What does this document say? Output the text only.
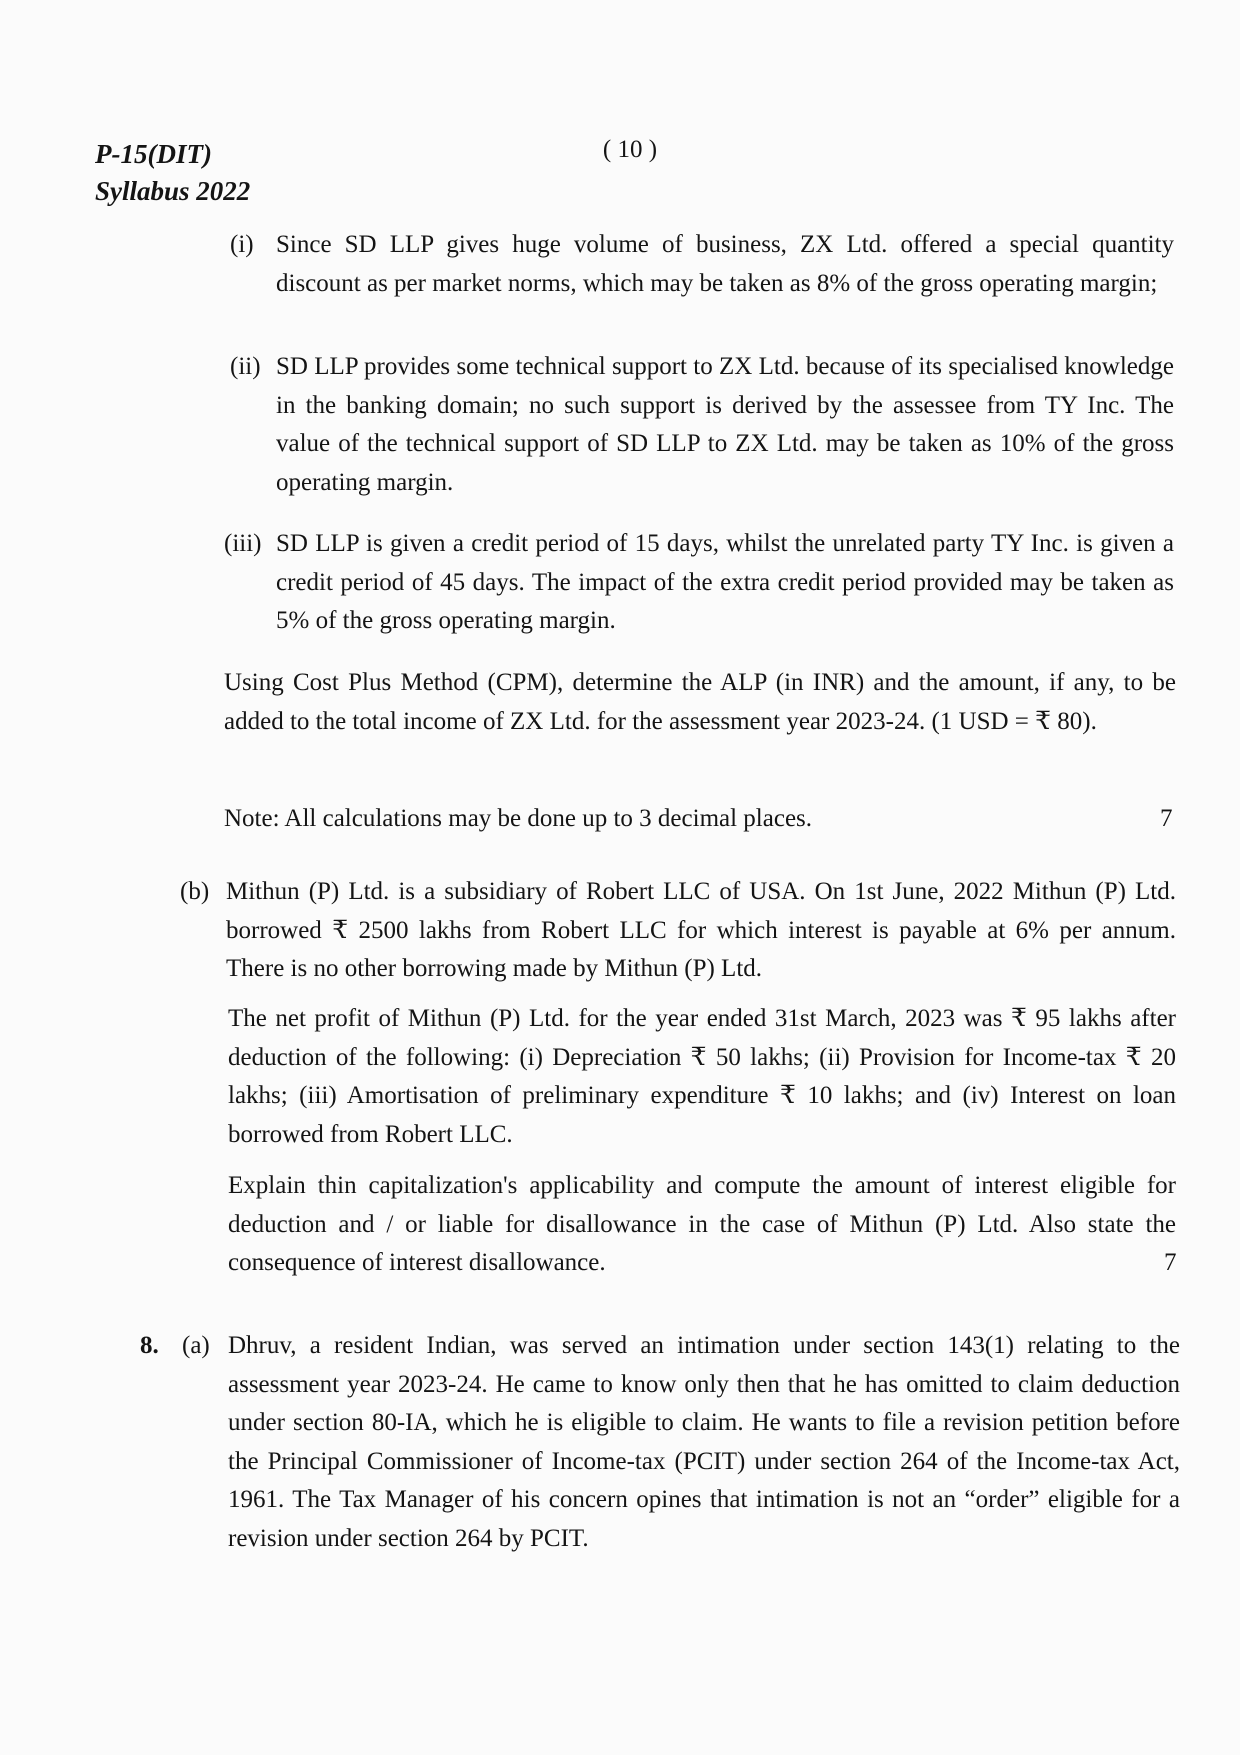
P-15(DIT)
Syllabus 2022
( 10 )
(i) Since SD LLP gives huge volume of business, ZX Ltd. offered a special quantity discount as per market norms, which may be taken as 8% of the gross operating margin;
(ii) SD LLP provides some technical support to ZX Ltd. because of its specialised knowledge in the banking domain; no such support is derived by the assessee from TY Inc. The value of the technical support of SD LLP to ZX Ltd. may be taken as 10% of the gross operating margin.
(iii) SD LLP is given a credit period of 15 days, whilst the unrelated party TY Inc. is given a credit period of 45 days. The impact of the extra credit period provided may be taken as 5% of the gross operating margin.
Using Cost Plus Method (CPM), determine the ALP (in INR) and the amount, if any, to be added to the total income of ZX Ltd. for the assessment year 2023-24. (1 USD = ₹ 80).
Note: All calculations may be done up to 3 decimal places.	7
(b) Mithun (P) Ltd. is a subsidiary of Robert LLC of USA. On 1st June, 2022 Mithun (P) Ltd. borrowed ₹ 2500 lakhs from Robert LLC for which interest is payable at 6% per annum. There is no other borrowing made by Mithun (P) Ltd.
The net profit of Mithun (P) Ltd. for the year ended 31st March, 2023 was ₹ 95 lakhs after deduction of the following: (i) Depreciation ₹ 50 lakhs; (ii) Provision for Income-tax ₹ 20 lakhs; (iii) Amortisation of preliminary expenditure ₹ 10 lakhs; and (iv) Interest on loan borrowed from Robert LLC.
Explain thin capitalization's applicability and compute the amount of interest eligible for deduction and / or liable for disallowance in the case of Mithun (P) Ltd. Also state the consequence of interest disallowance.	7
8. (a) Dhruv, a resident Indian, was served an intimation under section 143(1) relating to the assessment year 2023-24. He came to know only then that he has omitted to claim deduction under section 80-IA, which he is eligible to claim. He wants to file a revision petition before the Principal Commissioner of Income-tax (PCIT) under section 264 of the Income-tax Act, 1961. The Tax Manager of his concern opines that intimation is not an “order” eligible for a revision under section 264 by PCIT.
